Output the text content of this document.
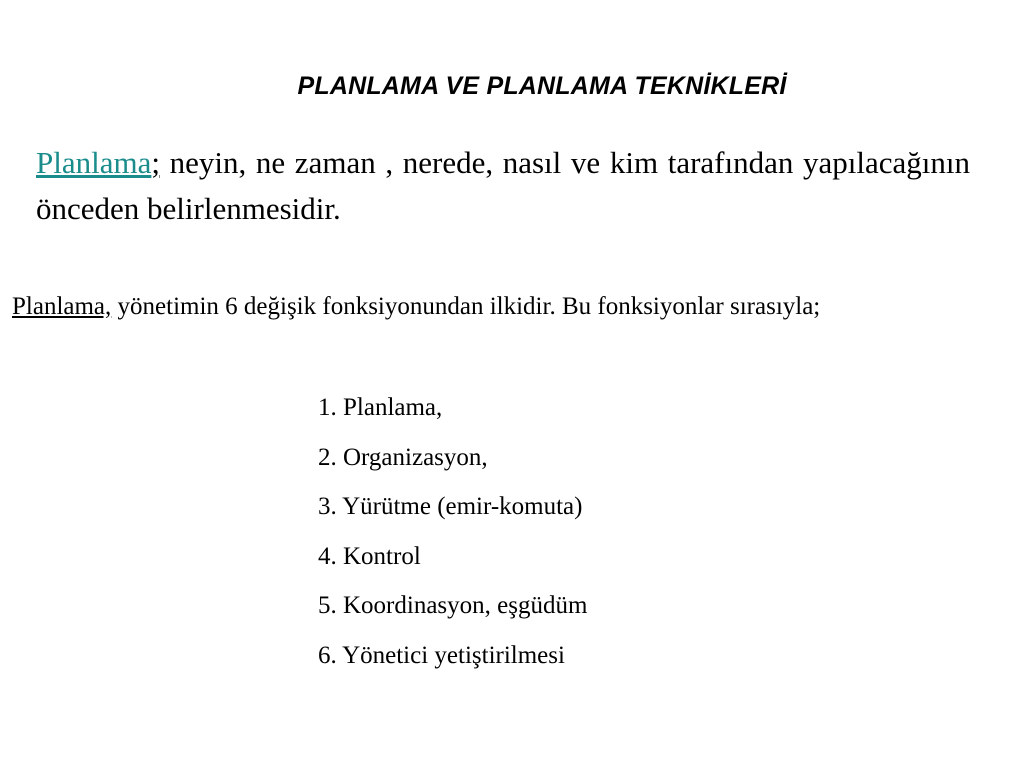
PLANLAMA VE PLANLAMA TEKNİKLERİ

Planlama; neyin, ne zaman , nerede, nasıl ve kim tarafından yapılacağının önceden belirlenmesidir.

Planlama, yönetimin 6 değişik fonksiyonundan ilkidir. Bu fonksiyonlar sırasıyla;

1. Planlama,
2. Organizasyon,
3. Yürütme (emir-komuta)
4. Kontrol
5. Koordinasyon, eşgüdüm
6. Yönetici yetiştirilmesi
